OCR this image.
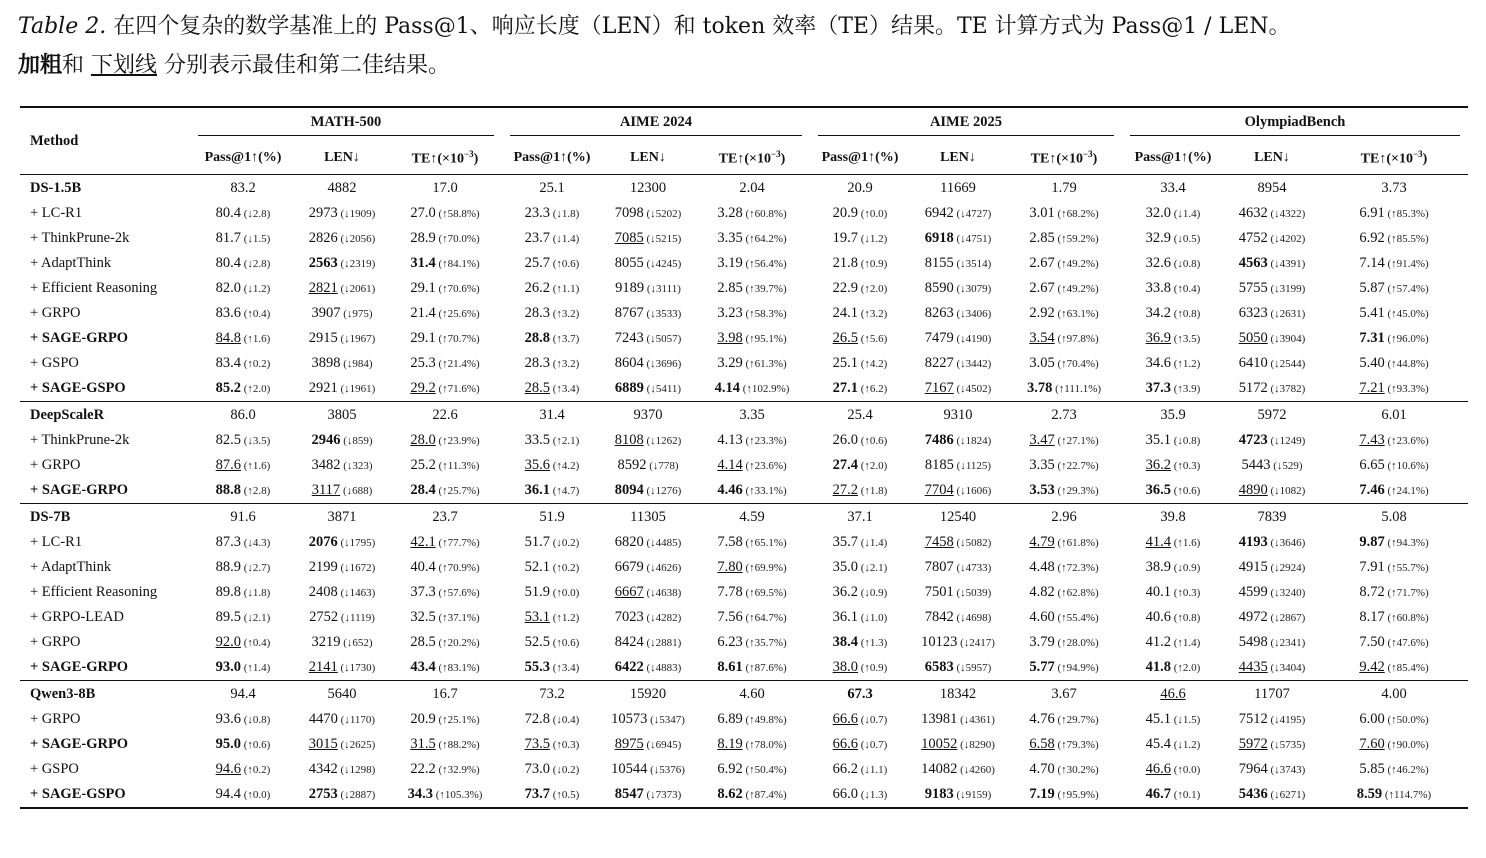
Table 2. 在四个复杂的数学基准上的 Pass@1、响应长度（LEN）和 token 效率（TE）结果。TE 计算方式为 Pass@1 / LEN。
加粗和 下划线 分别表示最佳和第二佳结果。
Method	MATH-500			AIME 2024			AIME 2025			OlympiadBench		

	Pass@1↑(%)	LEN↓	$TE↑(\times 10^{-3})$	Pass@1↑(%)	LEN↓	$TE↑(\times 10^{-3})$	Pass@1↑(%)	LEN↓	$TE↑(\times 10^{-3})$	Pass@1↑(%)	LEN↓	$TE↑(\times 10^{-3})$
DS-1.5B	83.2	4882	17.0	25.1	12300	2.04	20.9	11669	1.79	33.4	8954	3.73
+ LC-R1	80.4 (↓2.8)	2973 (↓1909)	27.0 (↑58.8%)	23.3 (↓1.8)	7098 (↓5202)	3.28 (↑60.8%)	20.9 (↑0.0)	6942 (↓4727)	3.01 (↑68.2%)	32.0 (↓1.4)	4632 (↓4322)	6.91 (↑85.3%)
+ ThinkPrune-2k	81.7 (↓1.5)	2826 (↓2056)	28.9 (↑70.0%)	23.7 (↓1.4)	7085 (↓5215)	3.35 (↑64.2%)	19.7 (↓1.2)	6918 (↓4751)	2.85 (↑59.2%)	32.9 (↓0.5)	4752 (↓4202)	6.92 (↑85.5%)
+ AdaptThink	80.4 (↓2.8)	2563 (↓2319)	31.4 (↑84.1%)	25.7 (↑0.6)	8055 (↓4245)	3.19 (↑56.4%)	21.8 (↑0.9)	8155 (↓3514)	2.67 (↑49.2%)	32.6 (↓0.8)	4563 (↓4391)	7.14 (↑91.4%)
+ Efficient Reasoning	82.0 (↓1.2)	2821 (↓2061)	29.1 (↑70.6%)	26.2 (↑1.1)	9189 (↓3111)	2.85 (↑39.7%)	22.9 (↑2.0)	8590 (↓3079)	2.67 (↑49.2%)	33.8 (↑0.4)	5755 (↓3199)	5.87 (↑57.4%)
+ GRPO	83.6 (↑0.4)	3907 (↓975)	21.4 (↑25.6%)	28.3 (↑3.2)	8767 (↓3533)	3.23 (↑58.3%)	24.1 (↑3.2)	8263 (↓3406)	2.92 (↑63.1%)	34.2 (↑0.8)	6323 (↓2631)	5.41 (↑45.0%)
+ SAGE-GRPO	84.8 (↑1.6)	2915 (↓1967)	29.1 (↑70.7%)	28.8 (↑3.7)	7243 (↓5057)	3.98 (↑95.1%)	26.5 (↑5.6)	7479 (↓4190)	3.54 (↑97.8%)	36.9 (↑3.5)	5050 (↓3904)	7.31 (↑96.0%)
+ GSPO	83.4 (↑0.2)	3898 (↓984)	25.3 (↑21.4%)	28.3 (↑3.2)	8604 (↓3696)	3.29 (↑61.3%)	25.1 (↑4.2)	8227 (↓3442)	3.05 (↑70.4%)	34.6 (↑1.2)	6410 (↓2544)	5.40 (↑44.8%)
+ SAGE-GSPO	85.2 (↑2.0)	2921 (↓1961)	29.2 (↑71.6%)	28.5 (↑3.4)	6889 (↓5411)	4.14 (↑102.9%)	27.1 (↑6.2)	7167 (↓4502)	3.78 (↑111.1%)	37.3 (↑3.9)	5172 (↓3782)	7.21 (↑93.3%)
DeepScaleR	86.0	3805	22.6	31.4	9370	3.35	25.4	9310	2.73	35.9	5972	6.01
+ ThinkPrune-2k	82.5 (↓3.5)	2946 (↓859)	28.0 (↑23.9%)	33.5 (↑2.1)	8108 (↓1262)	4.13 (↑23.3%)	26.0 (↑0.6)	7486 (↓1824)	3.47 (↑27.1%)	35.1 (↓0.8)	4723 (↓1249)	7.43 (↑23.6%)
+ GRPO	87.6 (↑1.6)	3482 (↓323)	25.2 (↑11.3%)	35.6 (↑4.2)	8592 (↓778)	4.14 (↑23.6%)	27.4 (↑2.0)	8185 (↓1125)	3.35 (↑22.7%)	36.2 (↑0.3)	5443 (↓529)	6.65 (↑10.6%)
+ SAGE-GRPO	88.8 (↑2.8)	3117 (↓688)	28.4 (↑25.7%)	36.1 (↑4.7)	8094 (↓1276)	4.46 (↑33.1%)	27.2 (↑1.8)	7704 (↓1606)	3.53 (↑29.3%)	36.5 (↑0.6)	4890 (↓1082)	7.46 (↑24.1%)
DS-7B	91.6	3871	23.7	51.9	11305	4.59	37.1	12540	2.96	39.8	7839	5.08
+ LC-R1	87.3 (↓4.3)	2076 (↓1795)	42.1 (↑77.7%)	51.7 (↓0.2)	6820 (↓4485)	7.58 (↑65.1%)	35.7 (↓1.4)	7458 (↓5082)	4.79 (↑61.8%)	41.4 (↑1.6)	4193 (↓3646)	9.87 (↑94.3%)
+ AdaptThink	88.9 (↓2.7)	2199 (↓1672)	40.4 (↑70.9%)	52.1 (↑0.2)	6679 (↓4626)	7.80 (↑69.9%)	35.0 (↓2.1)	7807 (↓4733)	4.48 (↑72.3%)	38.9 (↓0.9)	4915 (↓2924)	7.91 (↑55.7%)
+ Efficient Reasoning	89.8 (↓1.8)	2408 (↓1463)	37.3 (↑57.6%)	51.9 (↑0.0)	6667 (↓4638)	7.78 (↑69.5%)	36.2 (↓0.9)	7501 (↓5039)	4.82 (↑62.8%)	40.1 (↑0.3)	4599 (↓3240)	8.72 (↑71.7%)
+ GRPO-LEAD	89.5 (↓2.1)	2752 (↓1119)	32.5 (↑37.1%)	53.1 (↑1.2)	7023 (↓4282)	7.56 (↑64.7%)	36.1 (↓1.0)	7842 (↓4698)	4.60 (↑55.4%)	40.6 (↑0.8)	4972 (↓2867)	8.17 (↑60.8%)
+ GRPO	92.0 (↑0.4)	3219 (↓652)	28.5 (↑20.2%)	52.5 (↑0.6)	8424 (↓2881)	6.23 (↑35.7%)	38.4 (↑1.3)	10123 (↓2417)	3.79 (↑28.0%)	41.2 (↑1.4)	5498 (↓2341)	7.50 (↑47.6%)
+ SAGE-GRPO	93.0 (↑1.4)	2141 (↓1730)	43.4 (↑83.1%)	55.3 (↑3.4)	6422 (↓4883)	8.61 (↑87.6%)	38.0 (↑0.9)	6583 (↓5957)	5.77 (↑94.9%)	41.8 (↑2.0)	4435 (↓3404)	9.42 (↑85.4%)
Qwen3-8B	94.4	5640	16.7	73.2	15920	4.60	67.3	18342	3.67	46.6	11707	4.00
+ GRPO	93.6 (↓0.8)	4470 (↓1170)	20.9 (↑25.1%)	72.8 (↓0.4)	10573 (↓5347)	6.89 (↑49.8%)	66.6 (↓0.7)	13981 (↓4361)	4.76 (↑29.7%)	45.1 (↓1.5)	7512 (↓4195)	6.00 (↑50.0%)
+ SAGE-GRPO	95.0 (↑0.6)	3015 (↓2625)	31.5 (↑88.2%)	73.5 (↑0.3)	8975 (↓6945)	8.19 (↑78.0%)	66.6 (↓0.7)	10052 (↓8290)	6.58 (↑79.3%)	45.4 (↓1.2)	5972 (↓5735)	7.60 (↑90.0%)
+ GSPO	94.6 (↑0.2)	4342 (↓1298)	22.2 (↑32.9%)	73.0 (↓0.2)	10544 (↓5376)	6.92 (↑50.4%)	66.2 (↓1.1)	14082 (↓4260)	4.70 (↑30.2%)	46.6 (↑0.0)	7964 (↓3743)	5.85 (↑46.2%)
+ SAGE-GSPO	94.4 (↑0.0)	2753 (↓2887)	34.3 (↑105.3%)	73.7 (↑0.5)	8547 (↓7373)	8.62 (↑87.4%)	66.0 (↓1.3)	9183 (↓9159)	7.19 (↑95.9%)	46.7 (↑0.1)	5436 (↓6271)	8.59 (↑114.7%)
